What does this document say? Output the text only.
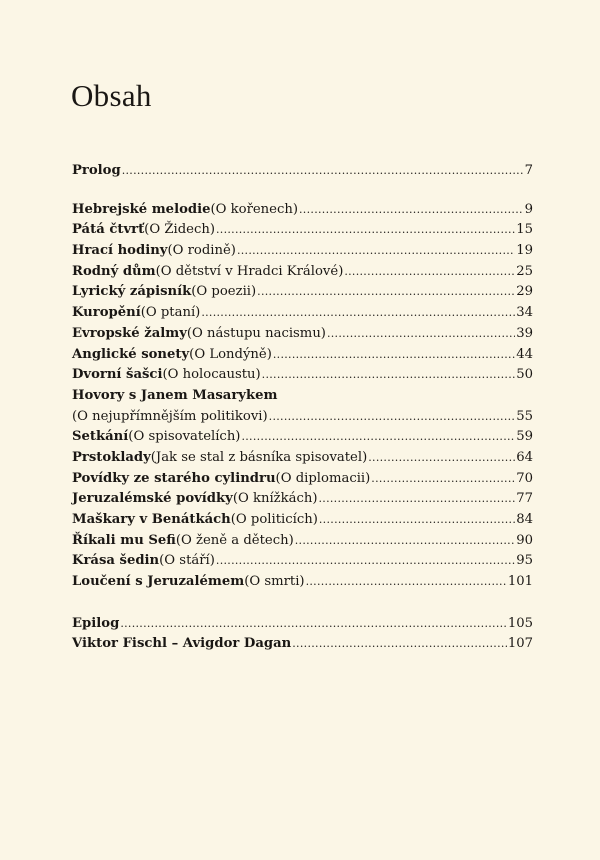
Obsah
Prolog . . .	7
Hebrejské melodie (O kořenech) . . .	9
Pátá čtvrť (O Židech) . . .	15
Hrací hodiny (O rodině) . . .	19
Rodný dům (O dětství v Hradci Králové) . . .	25
Lyrický zápisník (O poezii) . . .	29
Kuropění (O ptaní) . . .	34
Evropské žalmy (O nástupu nacismu) . . .	39
Anglické sonety (O Londýně) . . .	44
Dvorní šašci (O holocaustu) . . .	50
Hovory s Janem Masarykem
(O nejupřímnějším politikovi) . . .	55
Setkání (O spisovatelích) . . .	59
Prstoklady (Jak se stal z básníka spisovatel) . . .	64
Povídky ze starého cylindru (O diplomacii) . . .	70
Jeruzalémské povídky (O knížkách) . . .	77
Maškary v Benátkách (O politicích) . . .	84
Říkali mu Sefi (O ženě a dětech) . . .	90
Krása šedin (O stáří) . . .	95
Loučení s Jeruzalémem (O smrti) . . .	101
Epilog . . .	105
Viktor Fischl – Avigdor Dagan . . .	107
